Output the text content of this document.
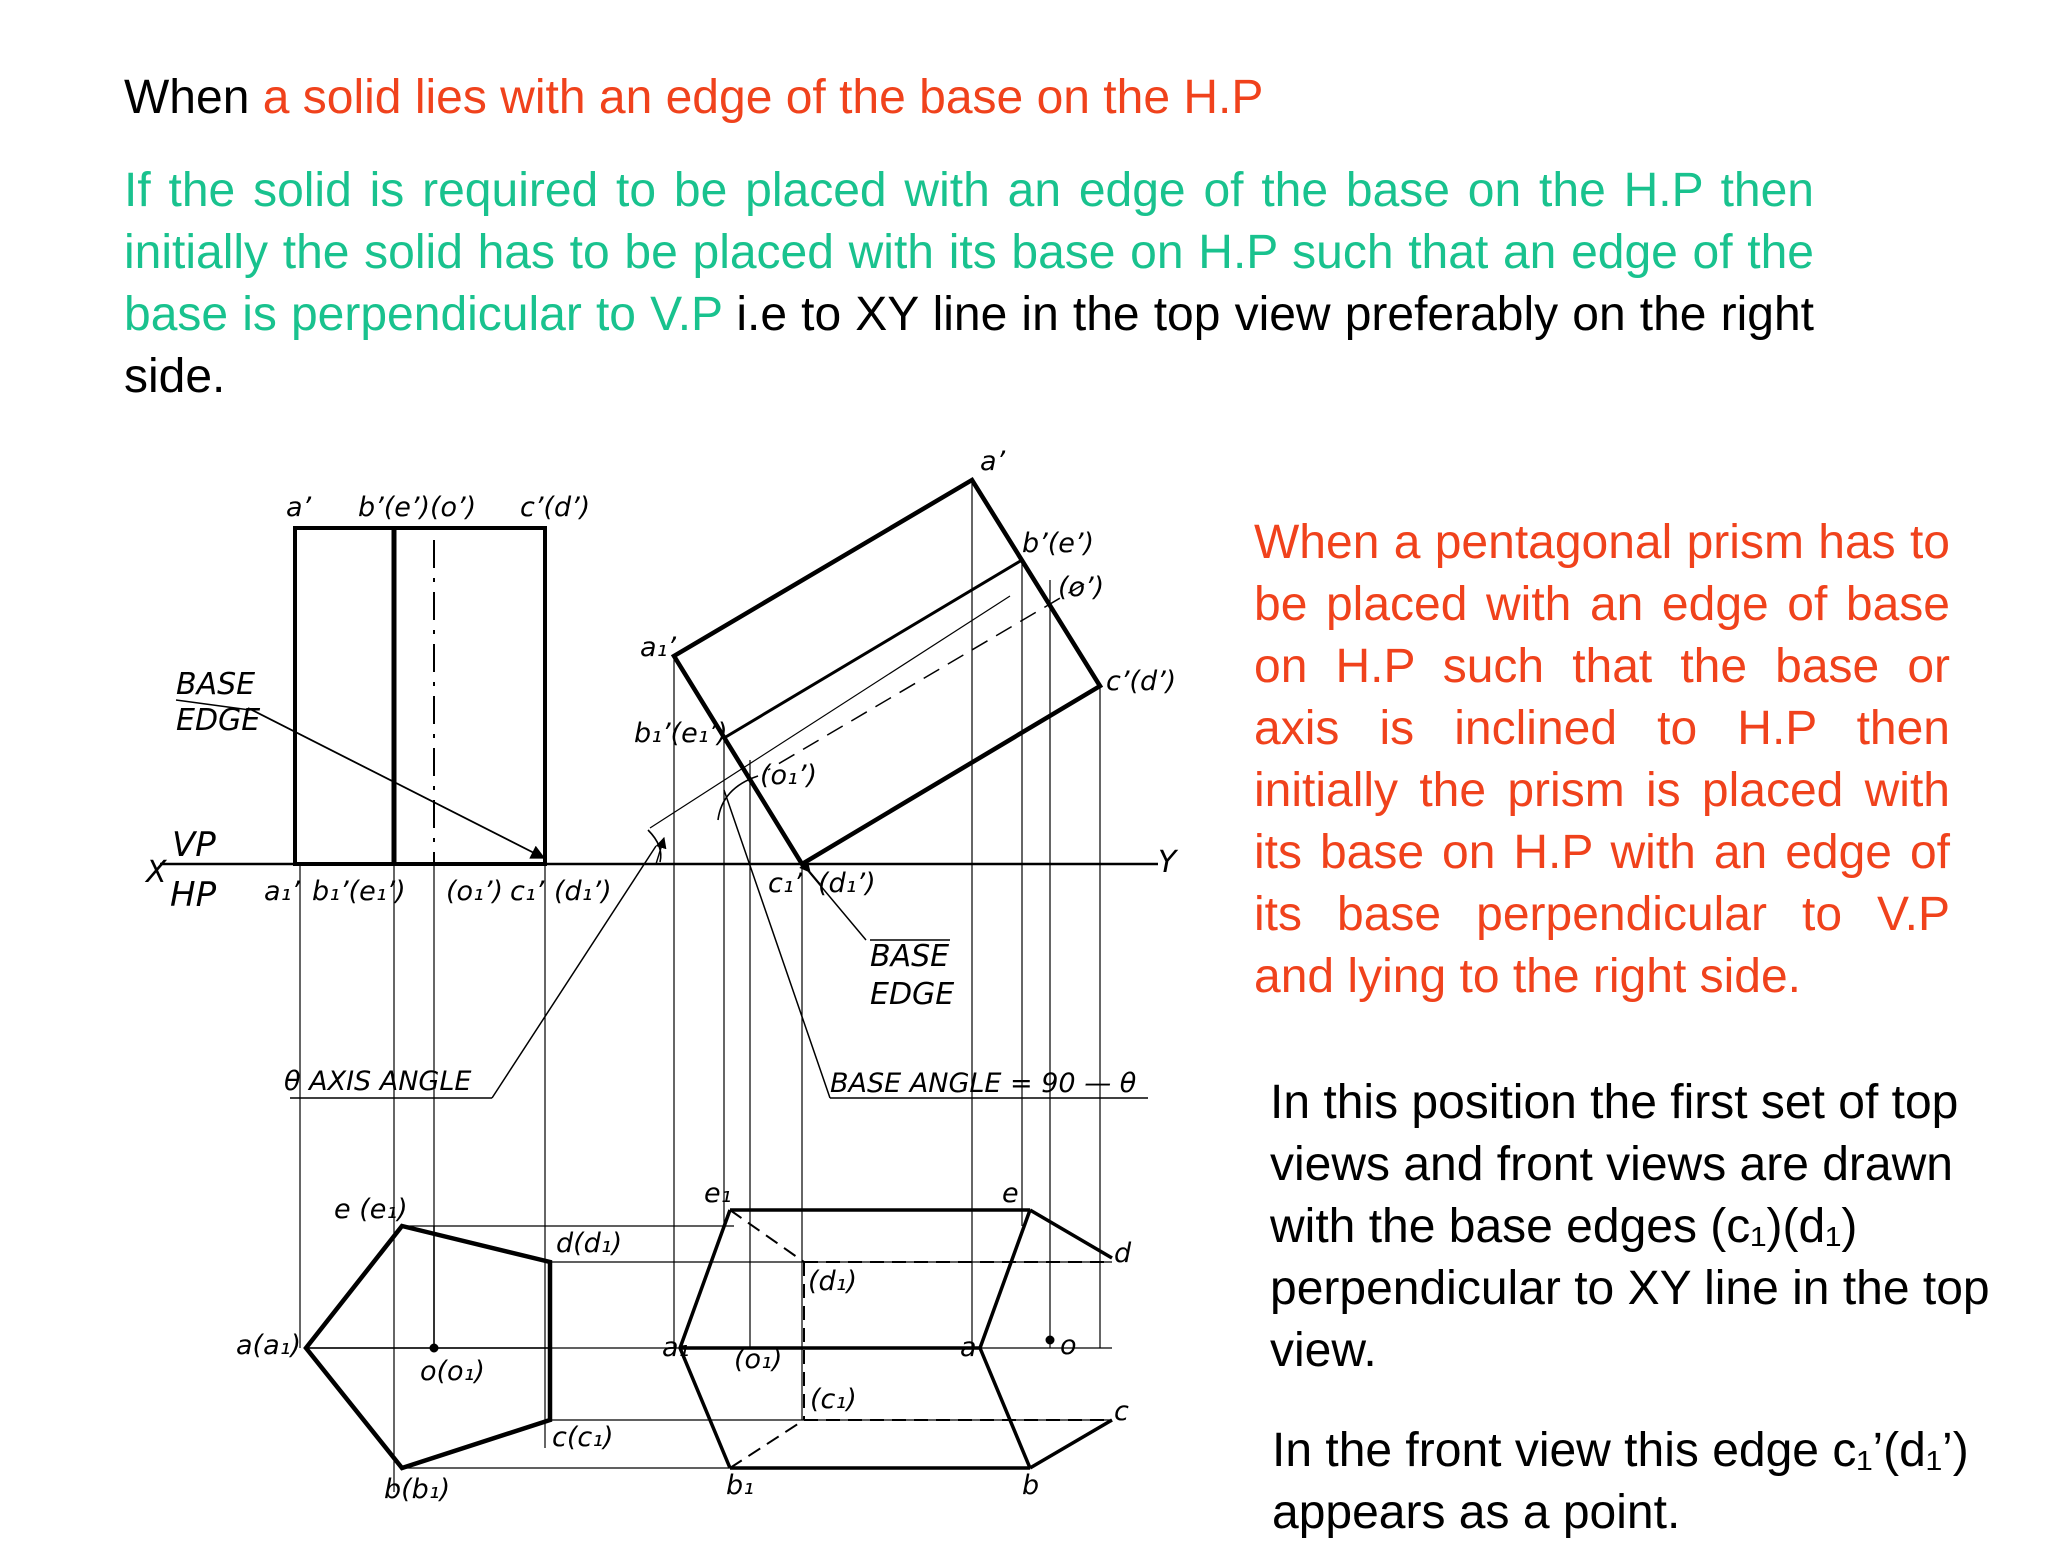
When a solid lies with an edge of the base on the H.P
If the solid is required to be placed with an edge of the base on the H.P then initially the solid has to be placed with its base on H.P such that an edge of the base is perpendicular to V.P i.e to XY line in the top view preferably on the right side.
When a pentagonal prism has to be placed with an edge of base on H.P such that the base or axis is inclined to H.P then initially the prism is placed with its base on H.P with an edge of its base perpendicular to V.P and lying to the right side.
In this position the first set of top views and front views are drawn with the base edges (c₁)(d₁) perpendicular to XY line in the top view.
In the front view this edge c₁’(d₁’) appears as a point.
a’ b’(e’) (o’) c’(d’)
BASE
EDGE
VP
HP
X	Y
a₁’ b₁’(e₁’) (o₁’) c₁’ (d₁’)
θ AXIS ANGLE
a’
b’(e’)
(o’)
c’(d’)
a₁’
b₁’(e₁’)
(o₁’)
c₁’ (d₁’)
BASE
EDGE
BASE ANGLE = 90 — θ
e (e₁)
d(d₁)
a(a₁)
o(o₁)
c(c₁)
b(b₁)
e₁	e
(d₁)
d
a₁ (o₁)	a	o
(c₁)	c
b₁	b
